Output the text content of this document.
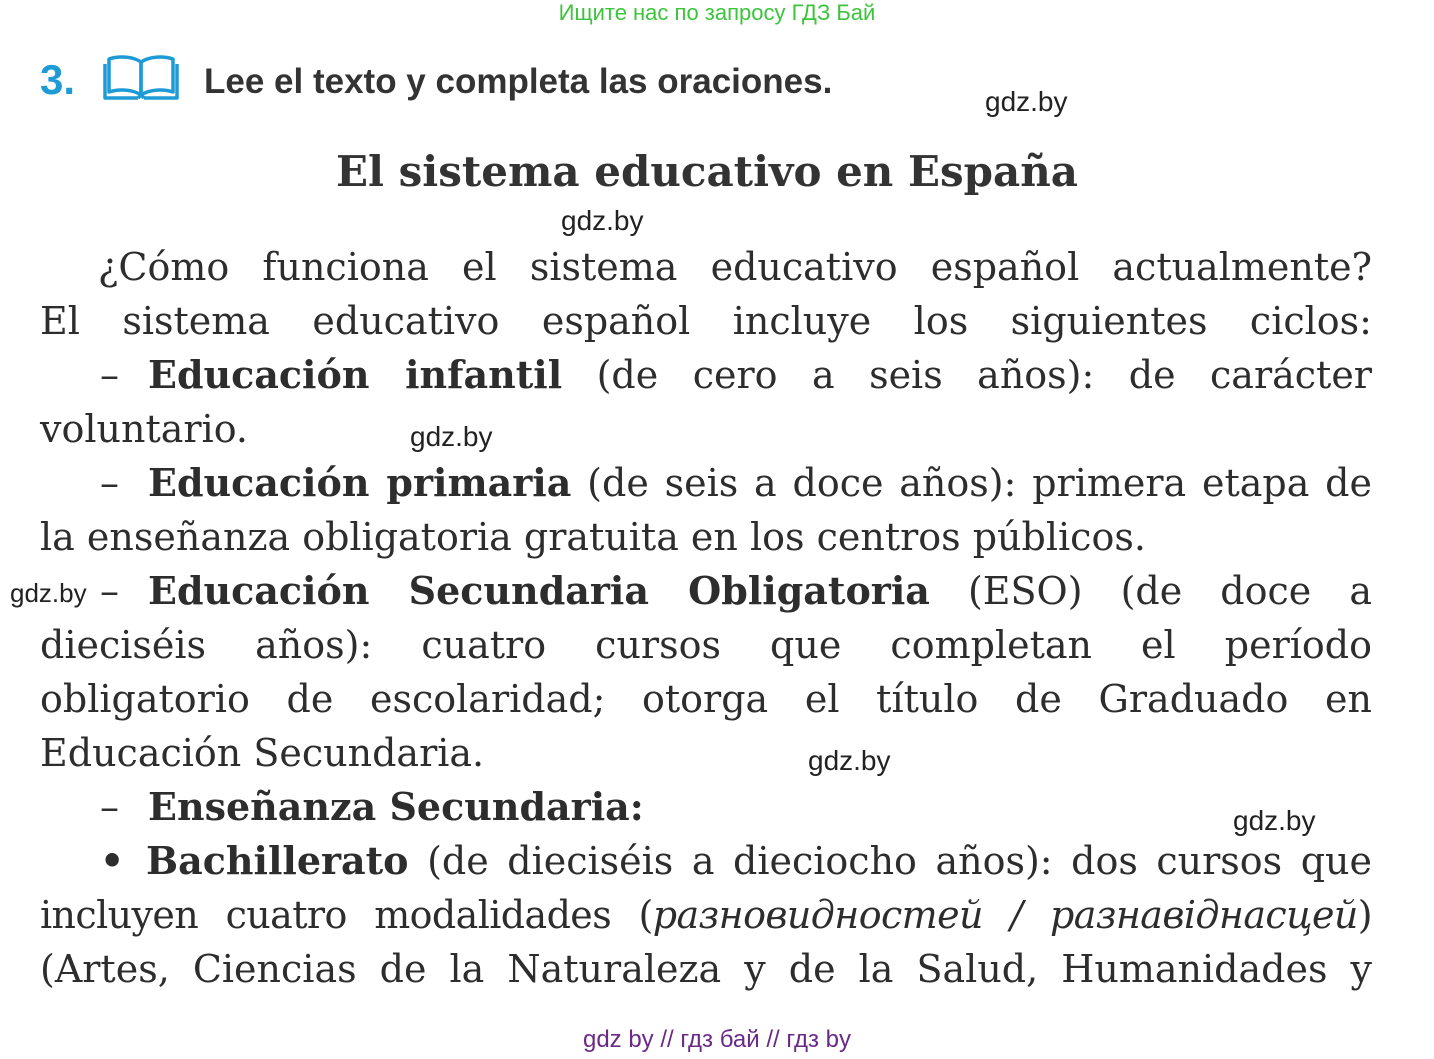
Ищите нас по запросу ГДЗ Бай
3.	Lee el texto y completa las oraciones.
El sistema educativo en España
¿Cómo funciona el sistema educativo español actualmente?
El sistema educativo español incluye los siguientes ciclos:
– Educación infantil (de cero a seis años): de carácter
voluntario.
– Educación primaria (de seis a doce años): primera etapa de
la enseñanza obligatoria gratuita en los centros públicos.
– Educación Secundaria Obligatoria (ESO) (de doce a
dieciséis años): cuatro cursos que completan el período
obligatorio de escolaridad; otorga el título de Graduado en
Educación Secundaria.
– Enseñanza Secundaria:
• Bachillerato (de dieciséis a dieciocho años): dos cursos que
incluyen cuatro modalidades (разновидностей / разнавіднасцей)
(Artes, Ciencias de la Naturaleza y de la Salud, Humanidades y
gdz.by
gdz.by
gdz.by
gdz.by
gdz.by
gdz.by
gdz by // гдз бай // гдз by
